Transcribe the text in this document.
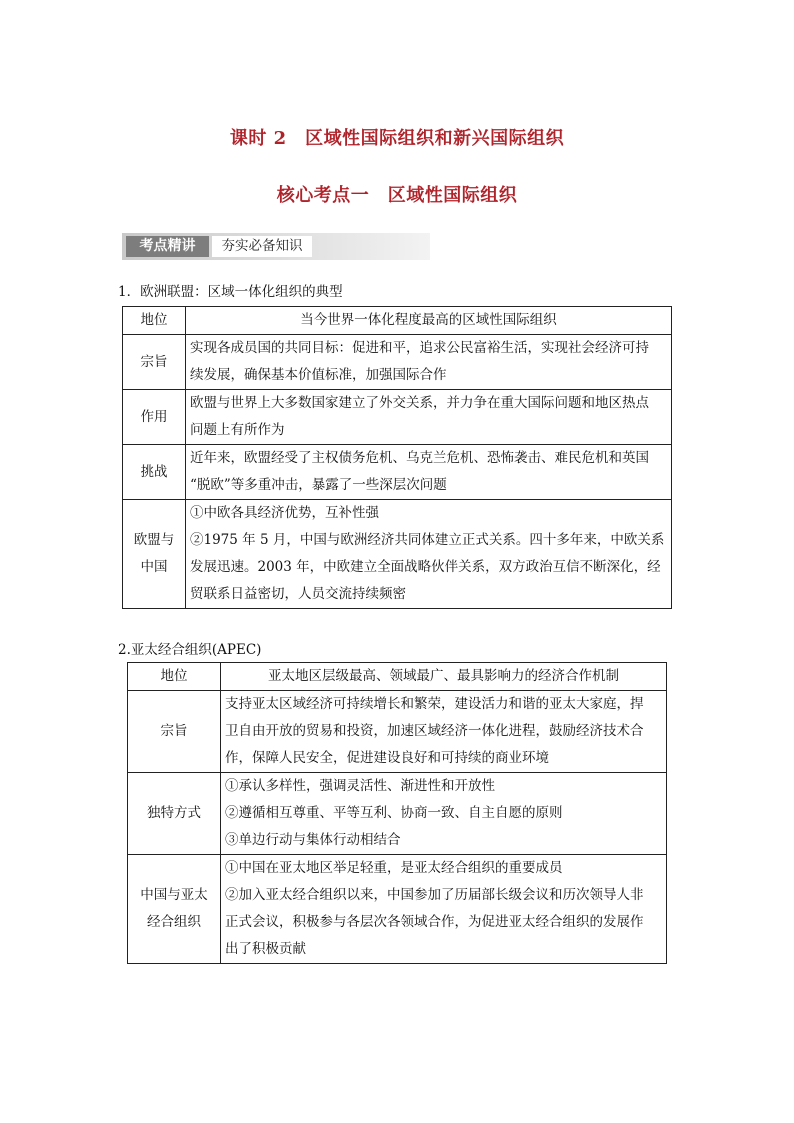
课时 2　区域性国际组织和新兴国际组织
核心考点一　区域性国际组织
考点精讲	夯实必备知识
1．欧洲联盟：区域一体化组织的典型
地位	当今世界一体化程度最高的区域性国际组织

宗旨	实现各成员国的共同目标：促进和平，追求公民富裕生活，实现社会经济可持
续发展，确保基本价值标准，加强国际合作

作用	欧盟与世界上大多数国家建立了外交关系，并力争在重大国际问题和地区热点
问题上有所作为

挑战	近年来，欧盟经受了主权债务危机、乌克兰危机、恐怖袭击、难民危机和英国
“脱欧”等多重冲击，暴露了一些深层次问题

欧盟与
中国	①中欧各具经济优势，互补性强
②1975 年 5 月，中国与欧洲经济共同体建立正式关系。四十多年来，中欧关系
发展迅速。2003 年，中欧建立全面战略伙伴关系，双方政治互信不断深化，经
贸联系日益密切，人员交流持续频密
2.亚太经合组织(APEC)
地位	亚太地区层级最高、领域最广、最具影响力的经济合作机制

宗旨	支持亚太区域经济可持续增长和繁荣，建设活力和谐的亚太大家庭，捍
卫自由开放的贸易和投资，加速区域经济一体化进程，鼓励经济技术合
作，保障人民安全，促进建设良好和可持续的商业环境

独特方式	①承认多样性，强调灵活性、渐进性和开放性
②遵循相互尊重、平等互利、协商一致、自主自愿的原则
③单边行动与集体行动相结合

中国与亚太
经合组织	①中国在亚太地区举足轻重，是亚太经合组织的重要成员
②加入亚太经合组织以来，中国参加了历届部长级会议和历次领导人非
正式会议，积极参与各层次各领域合作，为促进亚太经合组织的发展作
出了积极贡献
